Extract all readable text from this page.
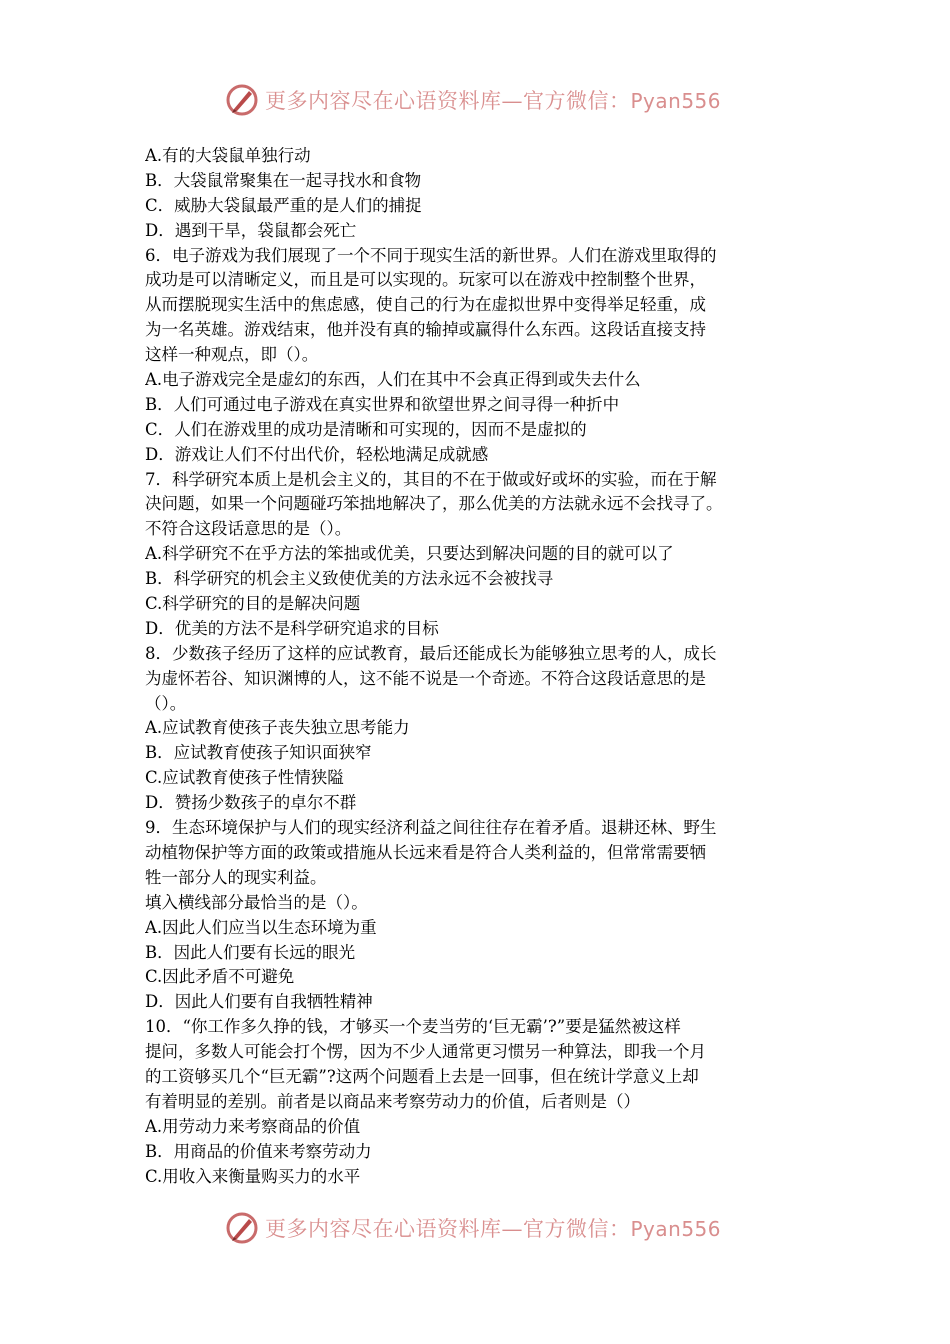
更多内容尽在心语资料库—官方微信：Pyan556
A.有的大袋鼠单独行动
B．大袋鼠常聚集在一起寻找水和食物
C．威胁大袋鼠最严重的是人们的捕捉
D．遇到干旱，袋鼠都会死亡
6．电子游戏为我们展现了一个不同于现实生活的新世界。人们在游戏里取得的
成功是可以清晰定义，而且是可以实现的。玩家可以在游戏中控制整个世界，
从而摆脱现实生活中的焦虑感，使自己的行为在虚拟世界中变得举足轻重，成
为一名英雄。游戏结束，他并没有真的输掉或赢得什么东西。这段话直接支持
这样一种观点，即（）。
A.电子游戏完全是虚幻的东西，人们在其中不会真正得到或失去什么
B．人们可通过电子游戏在真实世界和欲望世界之间寻得一种折中
C．人们在游戏里的成功是清晰和可实现的，因而不是虚拟的
D．游戏让人们不付出代价，轻松地满足成就感
7．科学研究本质上是机会主义的，其目的不在于做或好或坏的实验，而在于解
决问题，如果一个问题碰巧笨拙地解决了，那么优美的方法就永远不会找寻了。
不符合这段话意思的是（）。
A.科学研究不在乎方法的笨拙或优美，只要达到解决问题的目的就可以了
B．科学研究的机会主义致使优美的方法永远不会被找寻
C.科学研究的目的是解决问题
D．优美的方法不是科学研究追求的目标
8．少数孩子经历了这样的应试教育，最后还能成长为能够独立思考的人，成长
为虚怀若谷、知识渊博的人，这不能不说是一个奇迹。不符合这段话意思的是
（）。
A.应试教育使孩子丧失独立思考能力
B．应试教育使孩子知识面狭窄
C.应试教育使孩子性情狭隘
D．赞扬少数孩子的卓尔不群
9．生态环境保护与人们的现实经济利益之间往往存在着矛盾。退耕还林、野生
动植物保护等方面的政策或措施从长远来看是符合人类利益的，但常常需要牺
牲一部分人的现实利益。
填入横线部分最恰当的是（）。
A.因此人们应当以生态环境为重
B．因此人们要有长远的眼光
C.因此矛盾不可避免
D．因此人们要有自我牺牲精神
10．“你工作多久挣的钱，才够买一个麦当劳的‘巨无霸’?”要是猛然被这样
提问，多数人可能会打个愣，因为不少人通常更习惯另一种算法，即我一个月
的工资够买几个“巨无霸”?这两个问题看上去是一回事，但在统计学意义上却
有着明显的差别。前者是以商品来考察劳动力的价值，后者则是（）
A.用劳动力来考察商品的价值
B．用商品的价值来考察劳动力
C.用收入来衡量购买力的水平
更多内容尽在心语资料库—官方微信：Pyan556
